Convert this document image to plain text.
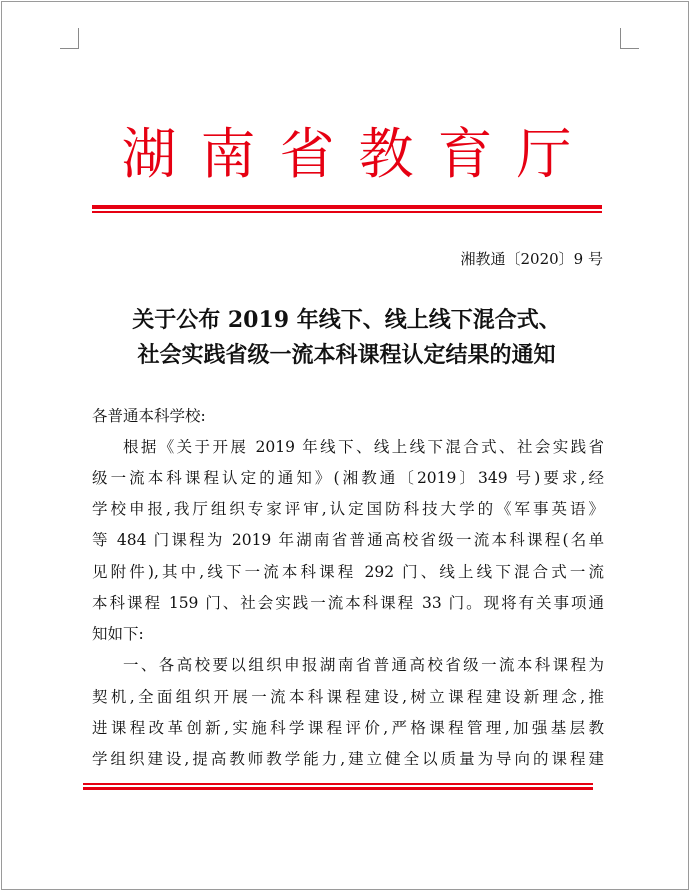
湖南省教育厅
湘教通〔2020〕9 号
关于公布 2019 年线下、线上线下混合式、
社会实践省级一流本科课程认定结果的通知
各普通本科学校:
根据《关于开展 2019 年线下、线上线下混合式、社会实践省
级一流本科课程认定的通知》(湘教通〔2019〕349 号)要求,经
学校申报,我厅组织专家评审,认定国防科技大学的《军事英语》
等 484 门课程为 2019 年湖南省普通高校省级一流本科课程(名单
见附件),其中,线下一流本科课程 292 门、线上线下混合式一流
本科课程 159 门、社会实践一流本科课程 33 门。现将有关事项通
知如下:
一、各高校要以组织申报湖南省普通高校省级一流本科课程为
契机,全面组织开展一流本科课程建设,树立课程建设新理念,推
进课程改革创新,实施科学课程评价,严格课程管理,加强基层教
学组织建设,提高教师教学能力,建立健全以质量为导向的课程建
